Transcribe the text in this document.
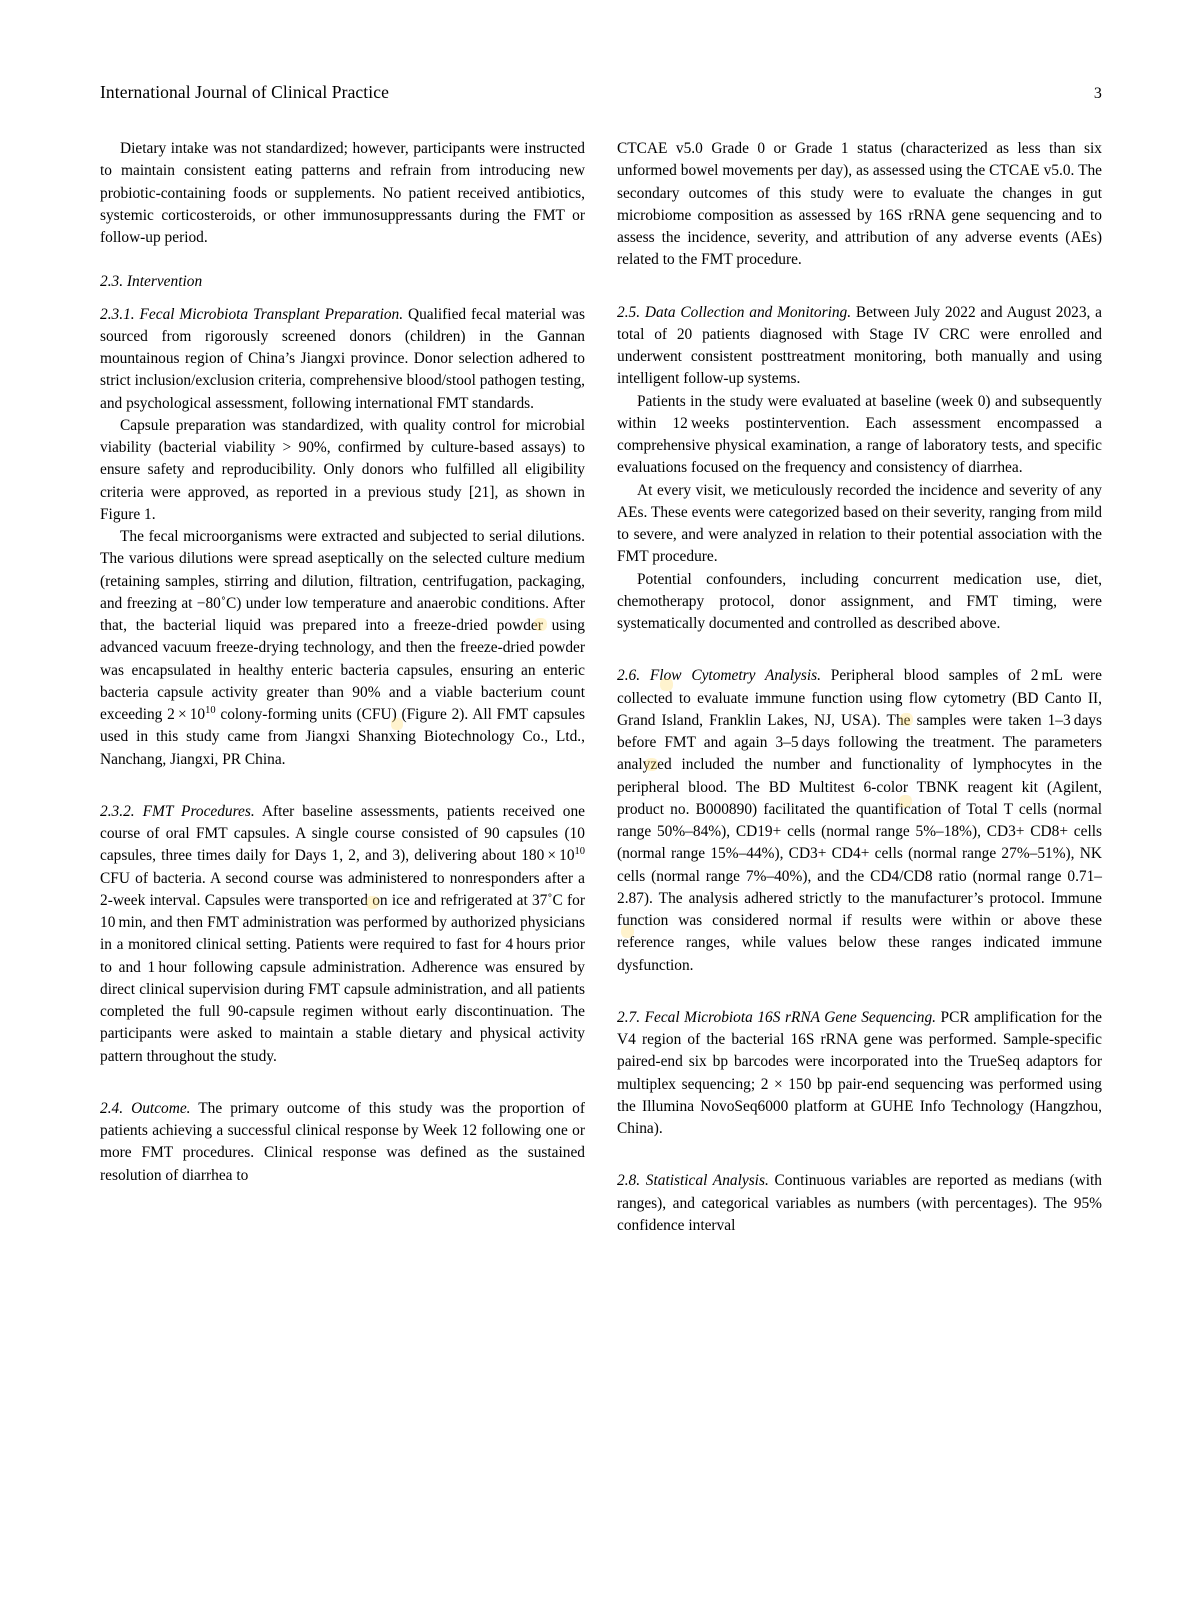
International Journal of Clinical Practice	3

Dietary intake was not standardized; however, participants were instructed to maintain consistent eating patterns and refrain from introducing new probiotic-containing foods or supplements. No patient received antibiotics, systemic corticosteroids, or other immunosuppressants during the FMT or follow-up period.

2.3. Intervention

2.3.1. Fecal Microbiota Transplant Preparation. Qualified fecal material was sourced from rigorously screened donors (children) in the Gannan mountainous region of China’s Jiangxi province. Donor selection adhered to strict inclusion/exclusion criteria, comprehensive blood/stool pathogen testing, and psychological assessment, following international FMT standards.

Capsule preparation was standardized, with quality control for microbial viability (bacterial viability > 90%, confirmed by culture-based assays) to ensure safety and reproducibility. Only donors who fulfilled all eligibility criteria were approved, as reported in a previous study [21], as shown in Figure 1.

The fecal microorganisms were extracted and subjected to serial dilutions. The various dilutions were spread aseptically on the selected culture medium (retaining samples, stirring and dilution, filtration, centrifugation, packaging, and freezing at −80˚C) under low temperature and anaerobic conditions. After that, the bacterial liquid was prepared into a freeze-dried powder using advanced vacuum freeze-drying technology, and then the freeze-dried powder was encapsulated in healthy enteric bacteria capsules, ensuring an enteric bacteria capsule activity greater than 90% and a viable bacterium count exceeding $2 \times 10^{10}$ colony-forming units (CFU) (Figure 2). All FMT capsules used in this study came from Jiangxi Shanxing Biotechnology Co., Ltd., Nanchang, Jiangxi, PR China.

2.3.2. FMT Procedures. After baseline assessments, patients received one course of oral FMT capsules. A single course consisted of 90 capsules (10 capsules, three times daily for Days 1, 2, and 3), delivering about $180 \times 10^{10}$ CFU of bacteria. A second course was administered to nonresponders after a 2-week interval. Capsules were transported on ice and refrigerated at 37˚C for 10 min, and then FMT administration was performed by authorized physicians in a monitored clinical setting. Patients were required to fast for 4 hours prior to and 1 hour following capsule administration. Adherence was ensured by direct clinical supervision during FMT capsule administration, and all patients completed the full 90-capsule regimen without early discontinuation. The participants were asked to maintain a stable dietary and physical activity pattern throughout the study.

2.4. Outcome. The primary outcome of this study was the proportion of patients achieving a successful clinical response by Week 12 following one or more FMT procedures. Clinical response was defined as the sustained resolution of diarrhea to

CTCAE v5.0 Grade 0 or Grade 1 status (characterized as less than six unformed bowel movements per day), as assessed using the CTCAE v5.0. The secondary outcomes of this study were to evaluate the changes in gut microbiome composition as assessed by 16S rRNA gene sequencing and to assess the incidence, severity, and attribution of any adverse events (AEs) related to the FMT procedure.

2.5. Data Collection and Monitoring. Between July 2022 and August 2023, a total of 20 patients diagnosed with Stage IV CRC were enrolled and underwent consistent posttreatment monitoring, both manually and using intelligent follow-up systems.

Patients in the study were evaluated at baseline (week 0) and subsequently within 12 weeks postintervention. Each assessment encompassed a comprehensive physical examination, a range of laboratory tests, and specific evaluations focused on the frequency and consistency of diarrhea.

At every visit, we meticulously recorded the incidence and severity of any AEs. These events were categorized based on their severity, ranging from mild to severe, and were analyzed in relation to their potential association with the FMT procedure.

Potential confounders, including concurrent medication use, diet, chemotherapy protocol, donor assignment, and FMT timing, were systematically documented and controlled as described above.

2.6. Flow Cytometry Analysis. Peripheral blood samples of 2 mL were collected to evaluate immune function using flow cytometry (BD Canto II, Grand Island, Franklin Lakes, NJ, USA). The samples were taken 1–3 days before FMT and again 3–5 days following the treatment. The parameters analyzed included the number and functionality of lymphocytes in the peripheral blood. The BD Multitest 6-color TBNK reagent kit (Agilent, product no. B000890) facilitated the quantification of Total T cells (normal range 50%–84%), CD19+ cells (normal range 5%–18%), CD3+ CD8+ cells (normal range 15%–44%), CD3+ CD4+ cells (normal range 27%–51%), NK cells (normal range 7%–40%), and the CD4/CD8 ratio (normal range 0.71–2.87). The analysis adhered strictly to the manufacturer’s protocol. Immune function was considered normal if results were within or above these reference ranges, while values below these ranges indicated immune dysfunction.

2.7. Fecal Microbiota 16S rRNA Gene Sequencing. PCR amplification for the V4 region of the bacterial 16S rRNA gene was performed. Sample-specific paired-end six bp barcodes were incorporated into the TrueSeq adaptors for multiplex sequencing; 2 × 150 bp pair-end sequencing was performed using the Illumina NovoSeq6000 platform at GUHE Info Technology (Hangzhou, China).

2.8. Statistical Analysis. Continuous variables are reported as medians (with ranges), and categorical variables as numbers (with percentages). The 95% confidence interval
